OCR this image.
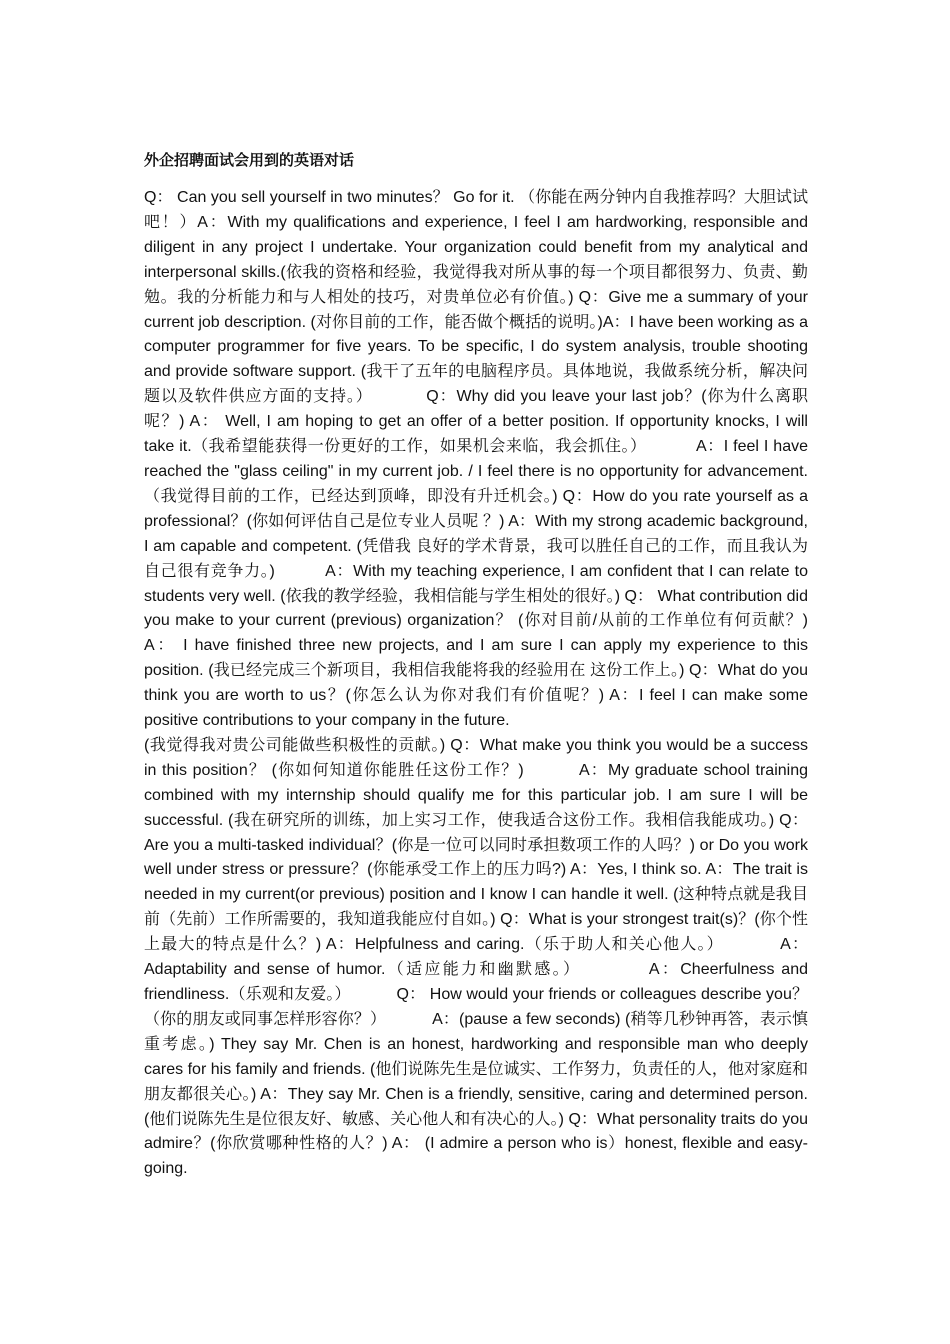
外企招聘面试会用到的英语对话

Q： Can you sell yourself in two minutes？ Go for it. （你能在两分钟内自我推荐吗？大胆试试吧！）A：With my qualifications and experience, I feel I am hardworking, responsible and diligent in any project I undertake. Your organization could benefit from my analytical and interpersonal skills.(依我的资格和经验，我觉得我对所从事的每一个项目都很努力、负责、勤勉。我的分析能力和与人相处的技巧，对贵单位必有价值。) Q：Give me a summary of your current job description. (对你目前的工作，能否做个概括的说明。)A：I have been working as a computer programmer for five years. To be specific, I do system analysis, trouble shooting and provide software support. (我干了五年的电脑程序员。具体地说，我做系统分析，解决问题以及软件供应方面的支持。）          Q：Why did you leave your last job？(你为什么离职呢？) A： Well, I am hoping to get an offer of a better position. If opportunity knocks, I will take it.（我希望能获得一份更好的工作，如果机会来临，我会抓住。）          A：I feel I have reached the "glass ceiling" in my current job. / I feel there is no opportunity for advancement.（我觉得目前的工作，已经达到顶峰，即没有升迁机会。) Q：How do you rate yourself as a professional？(你如何评估自己是位专业人员呢 ？) A：With my strong academic background, I am capable and competent. (凭借我 良好的学术背景，我可以胜任自己的工作，而且我认为自己很有竞争力。)          A：With my teaching experience, I am confident that I can relate to students very well. (依我的教学经验，我相信能与学生相处的很好。) Q： What contribution did you make to your current (previous) organization？ (你对目前/从前的工作单位有何贡献？) A： I have finished three new projects, and I am sure I can apply my experience to this position. (我已经完成三个新项目，我相信我能将我的经验用在 这份工作上。) Q：What do you think you are worth to us？(你怎么认为你对我们有价值呢？) A：I feel I can make some positive contributions to your company in the future.

(我觉得我对贵公司能做些积极性的贡献。) Q：What make you think you would be a success in this position？ (你如何知道你能胜任这份工作？)          A：My graduate school training combined with my internship should qualify me for this particular job. I am sure I will be successful. (我在研究所的训练，加上实习工作，使我适合这份工作。我相信我能成功。) Q：Are you a multi-tasked individual？(你是一位可以同时承担数项工作的人吗？) or Do you work well under stress or pressure？(你能承受工作上的压力吗?) A：Yes, I think so. A：The trait is needed in my current(or previous) position and I know I can handle it well. (这种特点就是我目前（先前）工作所需要的，我知道我能应付自如。) Q：What is your strongest trait(s)？(你个性上最大的特点是什么？) A：Helpfulness and caring.（乐于助人和关心他人。）          A：Adaptability and sense of humor.（适应能力和幽默感。）          A：Cheerfulness and friendliness.（乐观和友爱。）          Q： How would your friends or colleagues describe you？ （你的朋友或同事怎样形容你？）          A：(pause a few seconds) (稍等几秒钟再答，表示慎重考虑。) They say Mr. Chen is an honest, hardworking and responsible man who deeply cares for his family and friends. (他们说陈先生是位诚实、工作努力，负责任的人，他对家庭和朋友都很关心。) A：They say Mr. Chen is a friendly, sensitive, caring and determined person. (他们说陈先生是位很友好、敏感、关心他人和有决心的人。) Q：What personality traits do you admire？(你欣赏哪种性格的人？) A： (I admire a person who is）honest, flexible and easy-going.
